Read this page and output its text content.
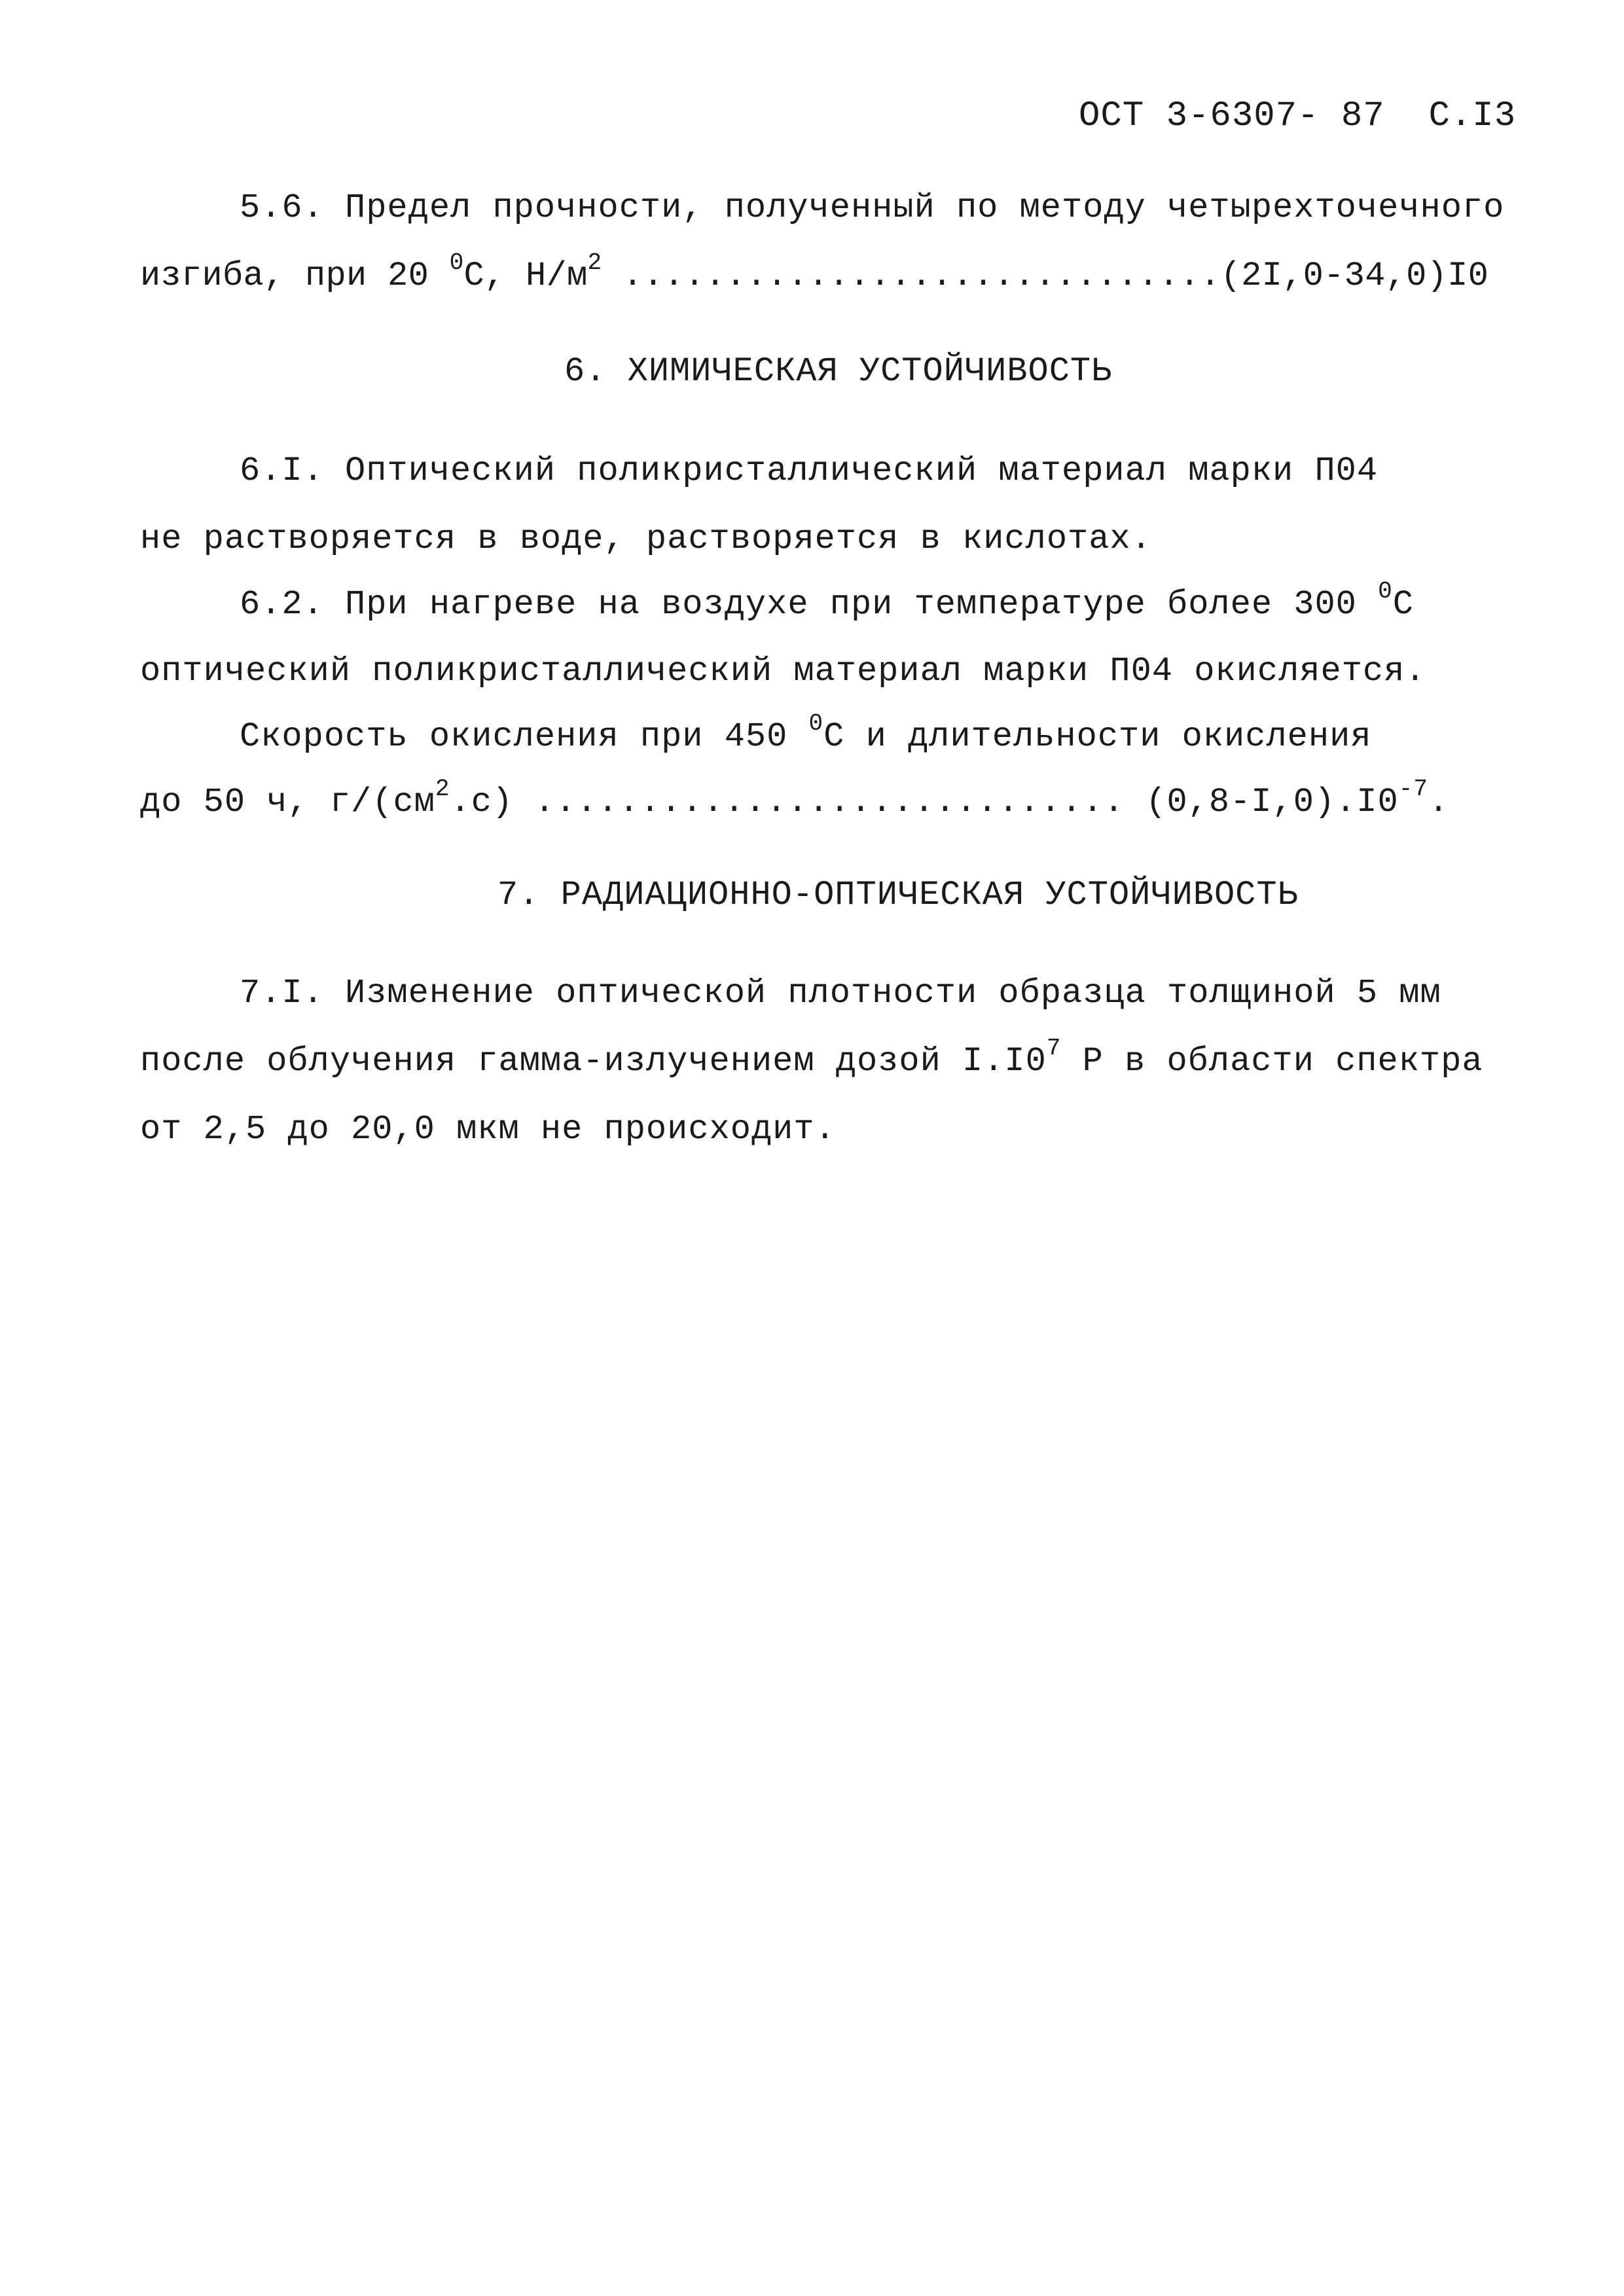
ОСТ 3-6307- 87 С.I3
5.6. Предел прочности, полученный по методу четырехточечного
изгиба, при 20 $^0$С, $Н/м^2$ .............................(2I,0-34,0)I0
6. ХИМИЧЕСКАЯ УСТОЙЧИВОСТЬ
6.I. Оптический поликристаллический материал марки П04
не растворяется в воде, растворяется в кислотах.
6.2. При нагреве на воздухе при температуре более 300 $^0$С
оптический поликристаллический материал марки П04 окисляется.
Скорость окисления при 450 $^0$С и длительности окисления
до 50 ч, $г/(см^2.с)$ ............................ $(0,8-I,0).I0^{-7}$.
7. РАДИАЦИОННО-ОПТИЧЕСКАЯ УСТОЙЧИВОСТЬ
7.I. Изменение оптической плотности образца толщиной 5 мм
после облучения гамма-излучением дозой $I.I0^7$ Р в области спектра
от 2,5 до 20,0 мкм не происходит.
